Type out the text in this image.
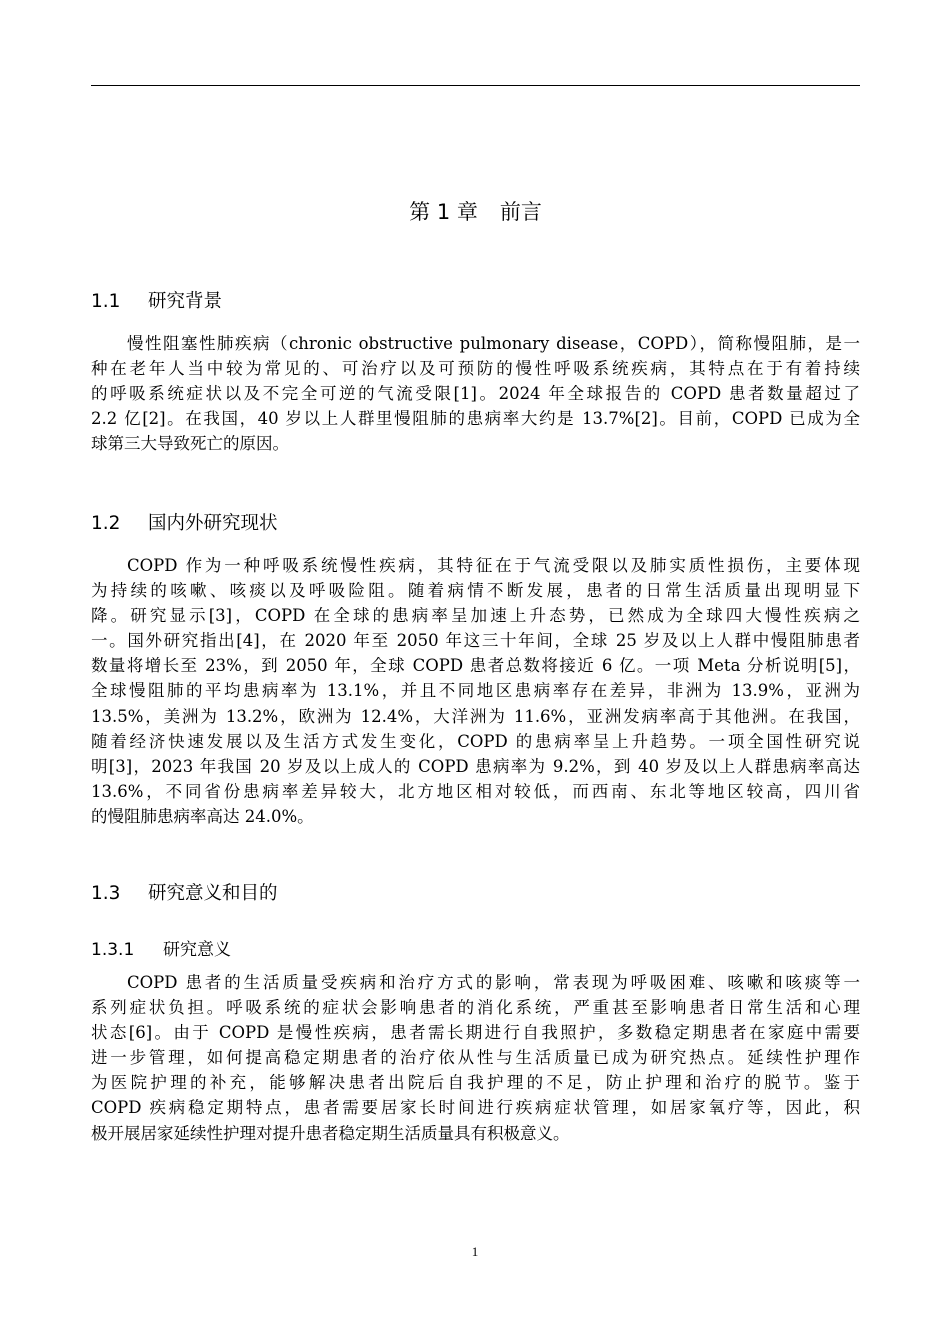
第 1 章 前言
1.1 研究背景
慢性阻塞性肺疾病（chronic obstructive pulmonary disease，COPD），简称慢阻肺，是一
种在老年人当中较为常见的、可治疗以及可预防的慢性呼吸系统疾病，其特点在于有着持续
的呼吸系统症状以及不完全可逆的气流受限[1]。2024 年全球报告的 COPD 患者数量超过了
2.2 亿[2]。在我国，40 岁以上人群里慢阻肺的患病率大约是 13.7%[2]。目前，COPD 已成为全
球第三大导致死亡的原因。
1.2 国内外研究现状
COPD 作为一种呼吸系统慢性疾病，其特征在于气流受限以及肺实质性损伤，主要体现
为持续的咳嗽、咳痰以及呼吸险阻。随着病情不断发展，患者的日常生活质量出现明显下
降。研究显示[3]，COPD 在全球的患病率呈加速上升态势，已然成为全球四大慢性疾病之
一。国外研究指出[4]，在 2020 年至 2050 年这三十年间，全球 25 岁及以上人群中慢阻肺患者
数量将增长至 23%，到 2050 年，全球 COPD 患者总数将接近 6 亿。一项 Meta 分析说明[5]，
全球慢阻肺的平均患病率为 13.1%，并且不同地区患病率存在差异，非洲为 13.9%，亚洲为
13.5%，美洲为 13.2%，欧洲为 12.4%，大洋洲为 11.6%，亚洲发病率高于其他洲。在我国，
随着经济快速发展以及生活方式发生变化，COPD 的患病率呈上升趋势。一项全国性研究说
明[3]，2023 年我国 20 岁及以上成人的 COPD 患病率为 9.2%，到 40 岁及以上人群患病率高达
13.6%，不同省份患病率差异较大，北方地区相对较低，而西南、东北等地区较高，四川省
的慢阻肺患病率高达 24.0%。
1.3 研究意义和目的
1.3.1 研究意义
COPD 患者的生活质量受疾病和治疗方式的影响，常表现为呼吸困难、咳嗽和咳痰等一
系列症状负担。呼吸系统的症状会影响患者的消化系统，严重甚至影响患者日常生活和心理
状态[6]。由于 COPD 是慢性疾病，患者需长期进行自我照护，多数稳定期患者在家庭中需要
进一步管理，如何提高稳定期患者的治疗依从性与生活质量已成为研究热点。延续性护理作
为医院护理的补充，能够解决患者出院后自我护理的不足，防止护理和治疗的脱节。鉴于
COPD 疾病稳定期特点，患者需要居家长时间进行疾病症状管理，如居家氧疗等，因此，积
极开展居家延续性护理对提升患者稳定期生活质量具有积极意义。
1
